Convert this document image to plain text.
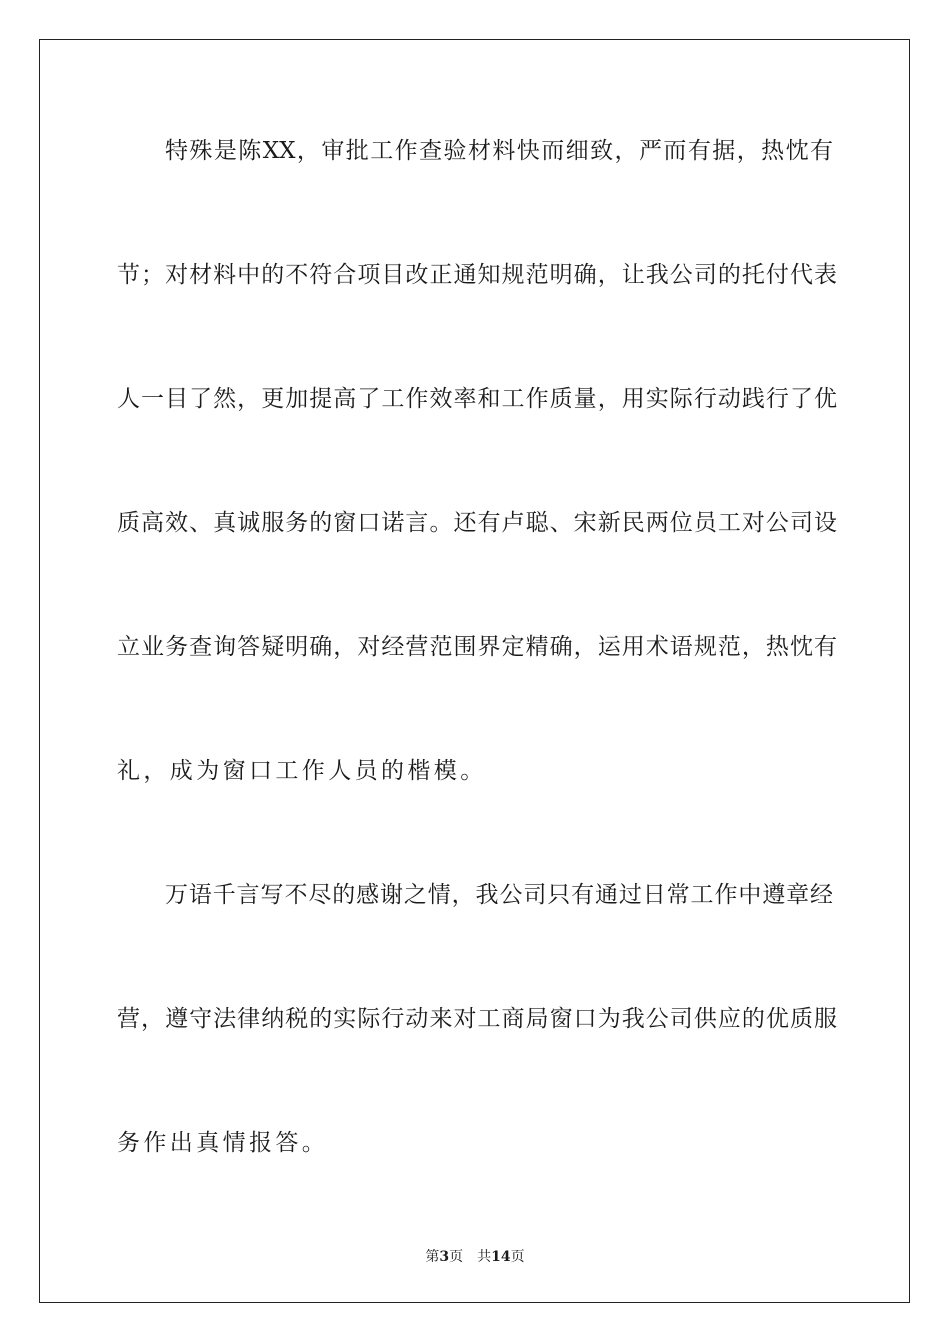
特殊是陈XX，审批工作查验材料快而细致，严而有据，热忱有
节；对材料中的不符合项目改正通知规范明确，让我公司的托付代表
人一目了然，更加提高了工作效率和工作质量，用实际行动践行了优
质高效、真诚服务的窗口诺言。还有卢聪、宋新民两位员工对公司设
立业务查询答疑明确，对经营范围界定精确，运用术语规范，热忱有
礼，成为窗口工作人员的楷模。
万语千言写不尽的感谢之情，我公司只有通过日常工作中遵章经
营，遵守法律纳税的实际行动来对工商局窗口为我公司供应的优质服
务作出真情报答。
第3页 共14页
